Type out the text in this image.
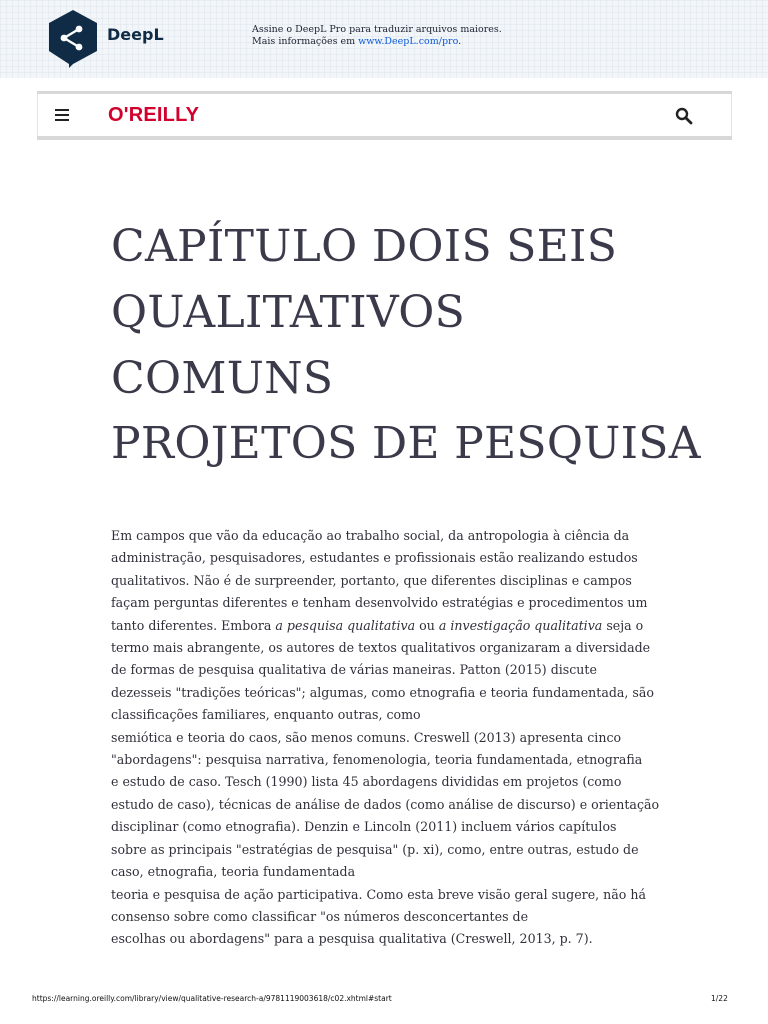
DeepL	Assine o DeepL Pro para traduzir arquivos maiores.
Mais informações em www.DeepL.com/pro.
O'REILLY
CAPÍTULO DOIS SEIS
QUALITATIVOS
COMUNS
PROJETOS DE PESQUISA
Em campos que vão da educação ao trabalho social, da antropologia à ciência da
administração, pesquisadores, estudantes e profissionais estão realizando estudos
qualitativos. Não é de surpreender, portanto, que diferentes disciplinas e campos
façam perguntas diferentes e tenham desenvolvido estratégias e procedimentos um
tanto diferentes. Embora a pesquisa qualitativa ou a investigação qualitativa seja o
termo mais abrangente, os autores de textos qualitativos organizaram a diversidade
de formas de pesquisa qualitativa de várias maneiras. Patton (2015) discute
dezesseis "tradições teóricas"; algumas, como etnografia e teoria fundamentada, são
classificações familiares, enquanto outras, como
semiótica e teoria do caos, são menos comuns. Creswell (2013) apresenta cinco
"abordagens": pesquisa narrativa, fenomenologia, teoria fundamentada, etnografia
e estudo de caso. Tesch (1990) lista 45 abordagens divididas em projetos (como
estudo de caso), técnicas de análise de dados (como análise de discurso) e orientação
disciplinar (como etnografia). Denzin e Lincoln (2011) incluem vários capítulos
sobre as principais "estratégias de pesquisa" (p. xi), como, entre outras, estudo de
caso, etnografia, teoria fundamentada
teoria e pesquisa de ação participativa. Como esta breve visão geral sugere, não há
consenso sobre como classificar "os números desconcertantes de
escolhas ou abordagens" para a pesquisa qualitativa (Creswell, 2013, p. 7).
https://learning.oreilly.com/library/view/qualitative-research-a/9781119003618/c02.xhtml#start	1/22
